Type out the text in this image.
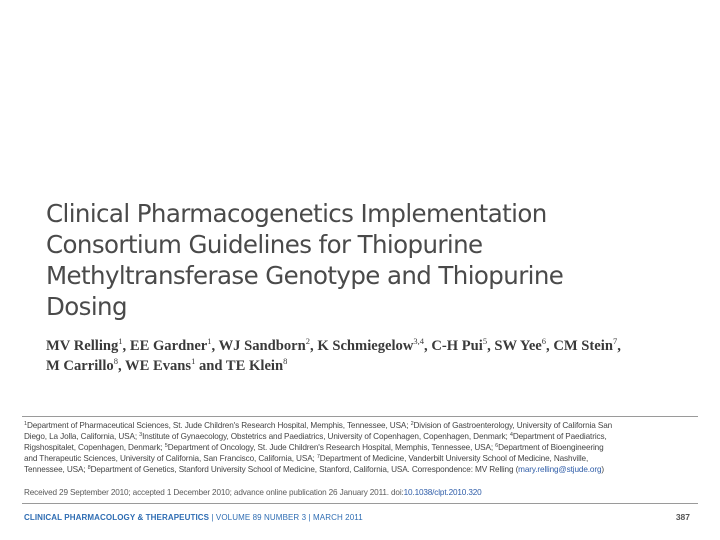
Clinical Pharmacogenetics Implementation
Consortium Guidelines for Thiopurine
Methyltransferase Genotype and Thiopurine
Dosing
MV Relling$^1$, EE Gardner$^1$, WJ Sandborn$^2$, K Schmiegelow$^{3,4}$, C-H Pui$^5$, SW Yee$^6$, CM Stein$^7$,
M Carrillo$^8$, WE Evans$^1$ and TE Klein$^8$
$^1$Department of Pharmaceutical Sciences, St. Jude Children's Research Hospital, Memphis, Tennessee, USA; $^2$Division of Gastroenterology, University of California San
Diego, La Jolla, California, USA; $^3$Institute of Gynaecology, Obstetrics and Paediatrics, University of Copenhagen, Copenhagen, Denmark; $^4$Department of Paediatrics,
Rigshospitalet, Copenhagen, Denmark; $^5$Department of Oncology, St. Jude Children's Research Hospital, Memphis, Tennessee, USA; $^6$Department of Bioengineering
and Therapeutic Sciences, University of California, San Francisco, California, USA; $^7$Department of Medicine, Vanderbilt University School of Medicine, Nashville,
Tennessee, USA; $^8$Department of Genetics, Stanford University School of Medicine, Stanford, California, USA. Correspondence: MV Relling (mary.relling@stjude.org)
Received 29 September 2010; accepted 1 December 2010; advance online publication 26 January 2011. doi:10.1038/clpt.2010.320
CLINICAL PHARMACOLOGY & THERAPEUTICS | VOLUME 89 NUMBER 3 | MARCH 2011	387
